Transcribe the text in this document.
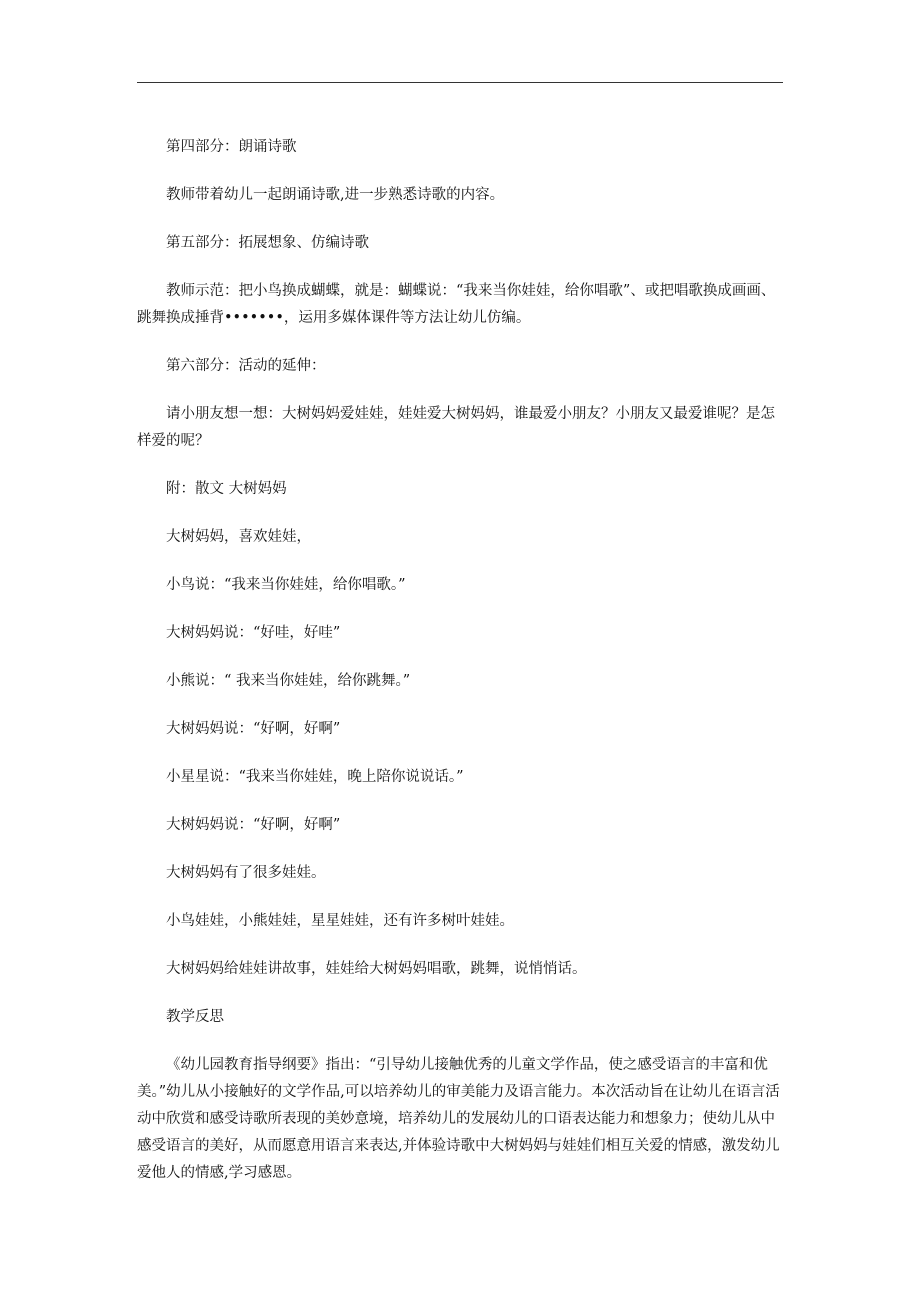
第四部分：朗诵诗歌

教师带着幼儿一起朗诵诗歌,进一步熟悉诗歌的内容。

第五部分：拓展想象、仿编诗歌

教师示范：把小鸟换成蝴蝶，就是：蝴蝶说：“我来当你娃娃，给你唱歌”、或把唱歌换成画画、跳舞换成捶背•••••••，运用多媒体课件等方法让幼儿仿编。

第六部分：活动的延伸：

请小朋友想一想：大树妈妈爱娃娃，娃娃爱大树妈妈，谁最爱小朋友？小朋友又最爱谁呢？是怎样爱的呢？

附：散文 大树妈妈

大树妈妈，喜欢娃娃，

小鸟说：“我来当你娃娃，给你唱歌。”

大树妈妈说：“好哇，好哇”

小熊说：“ 我来当你娃娃，给你跳舞。”

大树妈妈说：“好啊，好啊”

小星星说：“我来当你娃娃，晚上陪你说说话。”

大树妈妈说：“好啊，好啊”

大树妈妈有了很多娃娃。

小鸟娃娃，小熊娃娃，星星娃娃，还有许多树叶娃娃。

大树妈妈给娃娃讲故事，娃娃给大树妈妈唱歌，跳舞，说悄悄话。

教学反思

《幼儿园教育指导纲要》指出：“引导幼儿接触优秀的儿童文学作品，使之感受语言的丰富和优美。”幼儿从小接触好的文学作品,可以培养幼儿的审美能力及语言能力。本次活动旨在让幼儿在语言活动中欣赏和感受诗歌所表现的美妙意境，培养幼儿的发展幼儿的口语表达能力和想象力；使幼儿从中感受语言的美好，从而愿意用语言来表达,并体验诗歌中大树妈妈与娃娃们相互关爱的情感，激发幼儿爱他人的情感,学习感恩。
